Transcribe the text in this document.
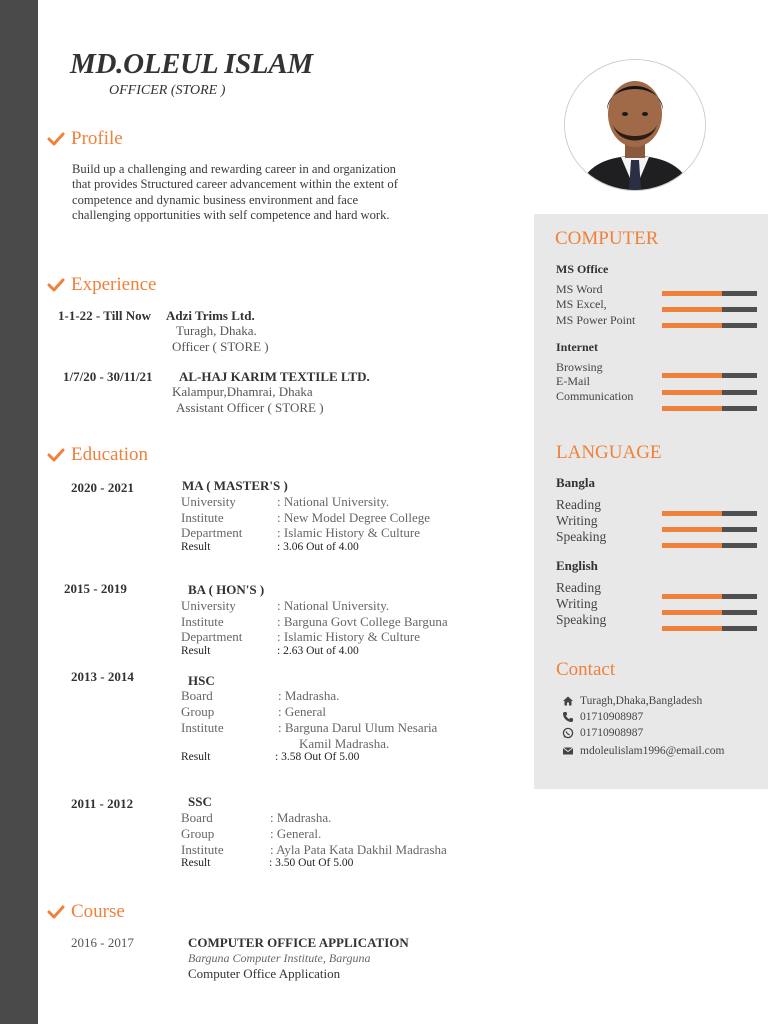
MD.OLEUL ISLAM
OFFICER (STORE )
Profile
Build up a challenging and rewarding career in and organization
that provides Structured career advancement within the extent of
competence and dynamic business environment and face
challenging opportunities with self competence and hard work.
Experience
1-1-22 - Till Now Adzi Trims Ltd.
Turagh, Dhaka.
Officer ( STORE )
1/7/20 - 30/11/21 AL-HAJ KARIM TEXTILE LTD.
Kalampur,Dhamrai, Dhaka
Assistant Officer ( STORE )
Education
2020 - 2021	MA ( MASTER'S )
University	: National University.
Institute	: New Model Degree College
Department	: Islamic History & Culture
Result	: 3.06 Out of 4.00
2015 - 2019	BA ( HON'S )
University	: National University.
Institute	: Barguna Govt College Barguna
Department	: Islamic History & Culture
Result	: 2.63 Out of 4.00
2013 - 2014	HSC
Board	: Madrasha.
Group	: General
Institute	: Barguna Darul Ulum Nesaria
Kamil Madrasha.
Result	: 3.58 Out Of 5.00
2011 - 2012	SSC
Board	: Madrasha.
Group	: General.
Institute	: Ayla Pata Kata Dakhil Madrasha
Result	: 3.50 Out Of 5.00
Course
2016 - 2017	COMPUTER OFFICE APPLICATION
Barguna Computer Institute, Barguna
Computer Office Application
COMPUTER
MS Office
MS Word
MS Excel,
MS Power Point
Internet
Browsing
E-Mail
Communication
LANGUAGE
Bangla
Reading
Writing
Speaking
English
Reading
Writing
Speaking
Contact
Turagh,Dhaka,Bangladesh
01710908987
01710908987
mdoleulislam1996@email.com
